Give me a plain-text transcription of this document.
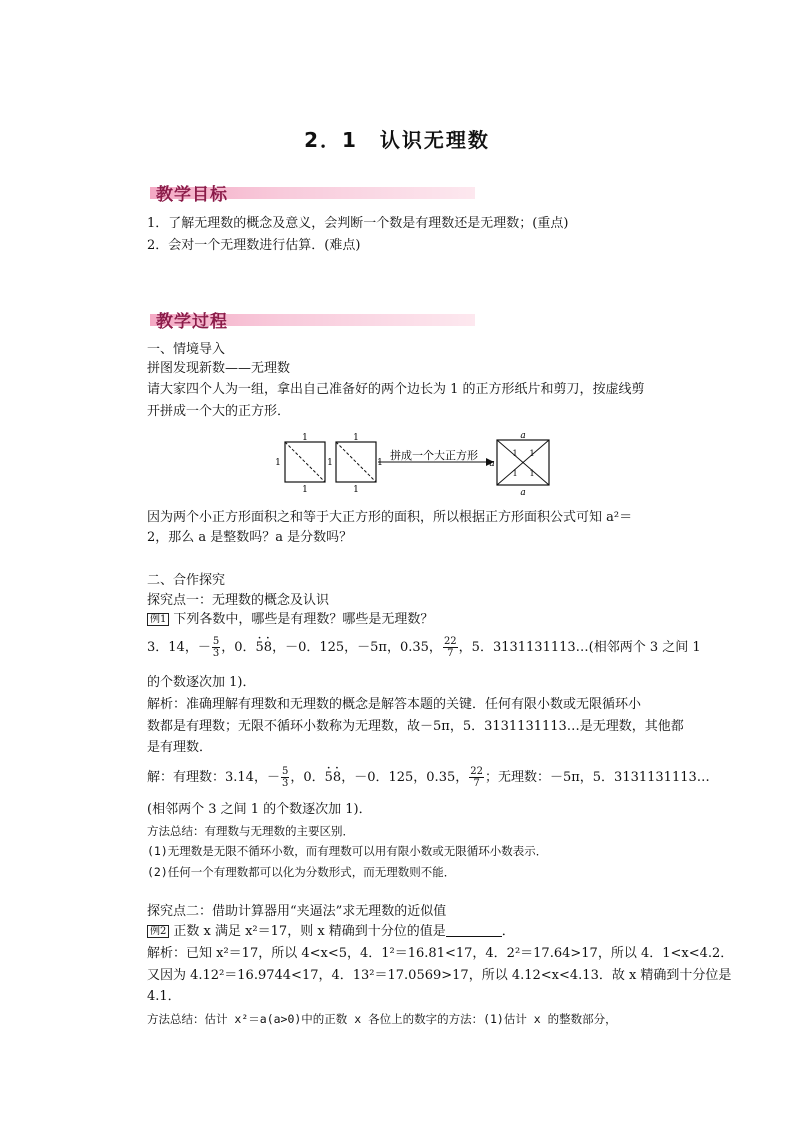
2．1　认识无理数
教学目标
1．了解无理数的概念及意义，会判断一个数是有理数还是无理数；(重点)
2．会对一个无理数进行估算．(难点)
教学过程
一、情境导入
拼图发现新数——无理数
请大家四个人为一组，拿出自己准备好的两个边长为 1 的正方形纸片和剪刀，按虚线剪
开拼成一个大的正方形．
1
1
1	1
1
1
1
拼成一个大正方形	1 1
1 1
a
a
a
因为两个小正方形面积之和等于大正方形的面积，所以根据正方形面积公式可知 a²＝
2，那么 a 是整数吗？a 是分数吗？
二、合作探究
探究点一：无理数的概念及认识
例1 下列各数中，哪些是有理数？哪些是无理数？
3．14，－ $\frac{5}{3}$ ，0．· 5· 8，－0．125，－5π，0.35， $\frac{22}{7}$ ，5．3131131113…(相邻两个 3 之间 1
的个数逐次加 1)．
解析：准确理解有理数和无理数的概念是解答本题的关键．任何有限小数或无限循环小
数都是有理数；无限不循环小数称为无理数，故－5π，5．3131131113…是无理数，其他都
是有理数．
解：有理数：3.14，－ $\frac{5}{3}$ ，0．· 5· 8，－0．125，0.35， $\frac{22}{7}$ ；无理数：－5π，5．3131131113…
(相邻两个 3 之间 1 的个数逐次加 1)．
方法总结：有理数与无理数的主要区别．
(1)无理数是无限不循环小数，而有理数可以用有限小数或无限循环小数表示．
(2)任何一个有理数都可以化为分数形式，而无理数则不能．
探究点二：借助计算器用“夹逼法”求无理数的近似值
例2 正数 x 满足 x²＝17，则 x 精确到十分位的值是	．
解析：已知 x²＝17，所以 4<x<5，4．1²＝16.81<17，4．2²＝17.64>17，所以 4．1<x<4.2．
又因为 4.12²＝16.9744<17，4．13²＝17.0569>17，所以 4.12<x<4.13．故 x 精确到十分位是
4.1．
方法总结：估计 x²＝a(a>0)中的正数 x 各位上的数字的方法：(1)估计 x 的整数部分，
